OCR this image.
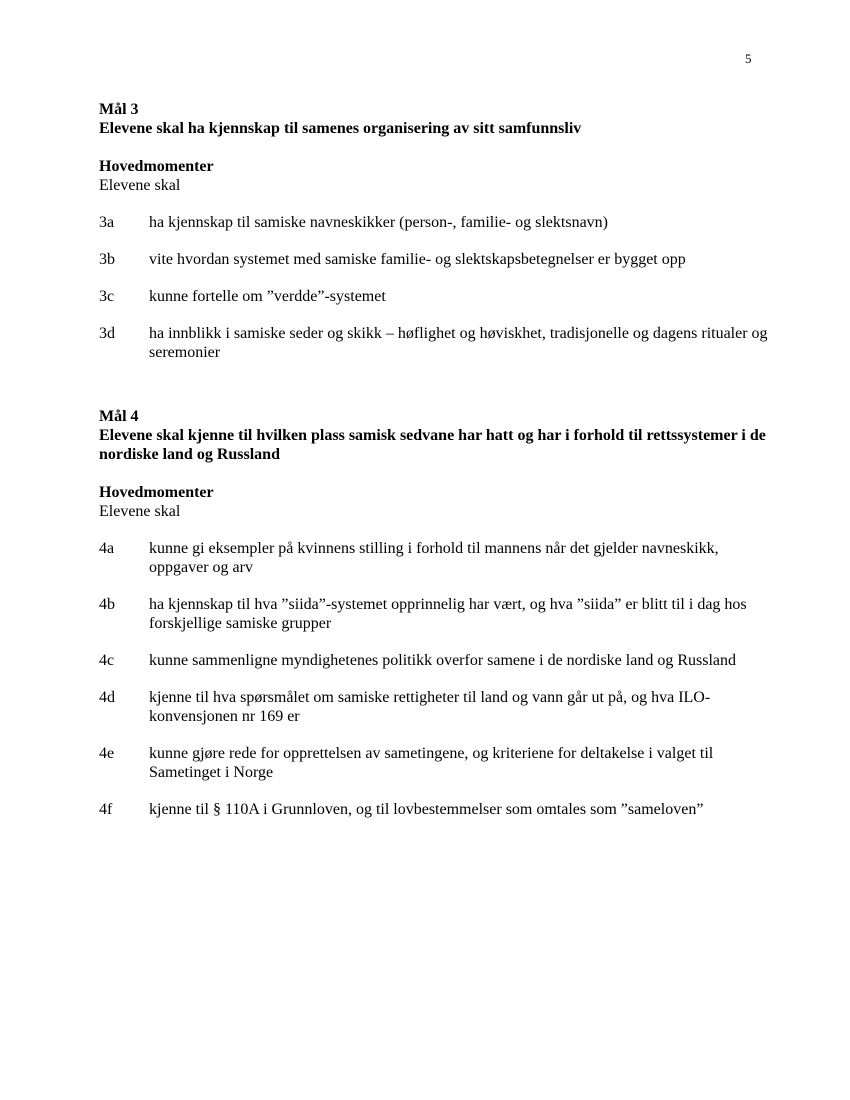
5
Mål 3
Elevene skal ha kjennskap til samenes organisering av sitt samfunnsliv
Hovedmomenter
Elevene skal
3a	ha kjennskap til samiske navneskikker (person-, familie- og slektsnavn)
3b	vite hvordan systemet med samiske familie- og slektskapsbetegnelser er bygget opp
3c	kunne fortelle om ”verdde”-systemet
3d	ha innblikk i samiske seder og skikk – høflighet og høviskhet, tradisjonelle og dagens ritualer og seremonier
Mål 4
Elevene skal kjenne til hvilken plass samisk sedvane har hatt og har i forhold til rettssystemer i de nordiske land og Russland
Hovedmomenter
Elevene skal
4a	kunne gi eksempler på kvinnens stilling i forhold til mannens når det gjelder navneskikk, oppgaver og arv
4b	ha kjennskap til hva ”siida”-systemet opprinnelig har vært, og hva ”siida” er blitt til i dag hos forskjellige samiske grupper
4c	kunne sammenligne myndighetenes politikk overfor samene i de nordiske land og Russland
4d	kjenne til hva spørsmålet om samiske rettigheter til land og vann går ut på, og hva ILO-konvensjonen nr 169 er
4e	kunne gjøre rede for opprettelsen av sametingene, og kriteriene for deltakelse i valget til Sametinget i Norge
4f	kjenne til § 110A i Grunnloven, og til lovbestemmelser som omtales som ”sameloven”
